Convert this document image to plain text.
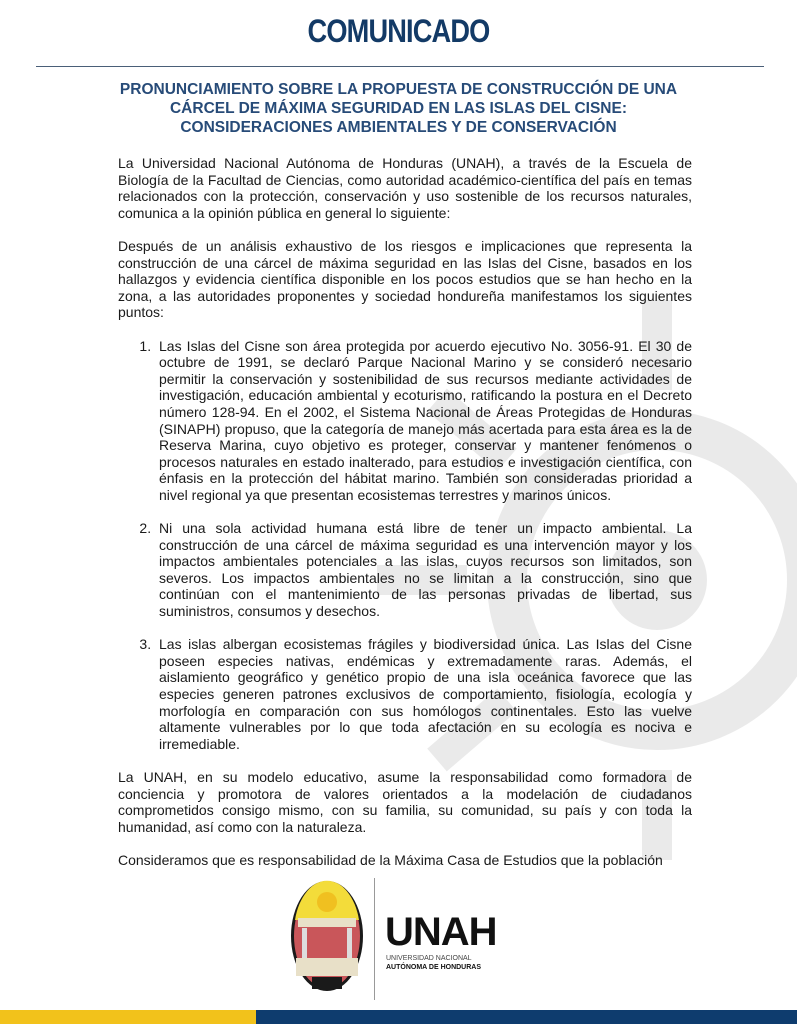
COMUNICADO
PRONUNCIAMIENTO SOBRE LA PROPUESTA DE CONSTRUCCIÓN DE UNA
CÁRCEL DE MÁXIMA SEGURIDAD EN LAS ISLAS DEL CISNE:
CONSIDERACIONES AMBIENTALES Y DE CONSERVACIÓN

La Universidad Nacional Autónoma de Honduras (UNAH), a través de la Escuela de Biología de la Facultad de Ciencias, como autoridad académico-científica del país en temas relacionados con la protección, conservación y uso sostenible de los recursos naturales, comunica a la opinión pública en general lo siguiente:

Después de un análisis exhaustivo de los riesgos e implicaciones que representa la construcción de una cárcel de máxima seguridad en las Islas del Cisne, basados en los hallazgos y evidencia científica disponible en los pocos estudios que se han hecho en la zona, a las autoridades proponentes y sociedad hondureña manifestamos los siguientes puntos:

1. Las Islas del Cisne son área protegida por acuerdo ejecutivo No. 3056-91. El 30 de octubre de 1991, se declaró Parque Nacional Marino y se consideró necesario permitir la conservación y sostenibilidad de sus recursos mediante actividades de investigación, educación ambiental y ecoturismo, ratificando la postura en el Decreto número 128-94. En el 2002, el Sistema Nacional de Áreas Protegidas de Honduras (SINAPH) propuso, que la categoría de manejo más acertada para esta área es la de Reserva Marina, cuyo objetivo es proteger, conservar y mantener fenómenos o procesos naturales en estado inalterado, para estudios e investigación científica, con énfasis en la protección del hábitat marino. También son consideradas prioridad a nivel regional ya que presentan ecosistemas terrestres y marinos únicos.
2. Ni una sola actividad humana está libre de tener un impacto ambiental. La construcción de una cárcel de máxima seguridad es una intervención mayor y los impactos ambientales potenciales a las islas, cuyos recursos son limitados, son severos. Los impactos ambientales no se limitan a la construcción, sino que continúan con el mantenimiento de las personas privadas de libertad, sus suministros, consumos y desechos.
3. Las islas albergan ecosistemas frágiles y biodiversidad única. Las Islas del Cisne poseen especies nativas, endémicas y extremadamente raras. Además, el aislamiento geográfico y genético propio de una isla oceánica favorece que las especies generen patrones exclusivos de comportamiento, fisiología, ecología y morfología en comparación con sus homólogos continentales. Esto las vuelve altamente vulnerables por lo que toda afectación en su ecología es nociva e irremediable.

La UNAH, en su modelo educativo, asume la responsabilidad como formadora de conciencia y promotora de valores orientados a la modelación de ciudadanos comprometidos consigo mismo, con su familia, su comunidad, su país y con toda la humanidad, así como con la naturaleza.

Consideramos que es responsabilidad de la Máxima Casa de Estudios que la población

UNAH
UNIVERSIDAD NACIONAL
AUTÓNOMA DE HONDURAS
